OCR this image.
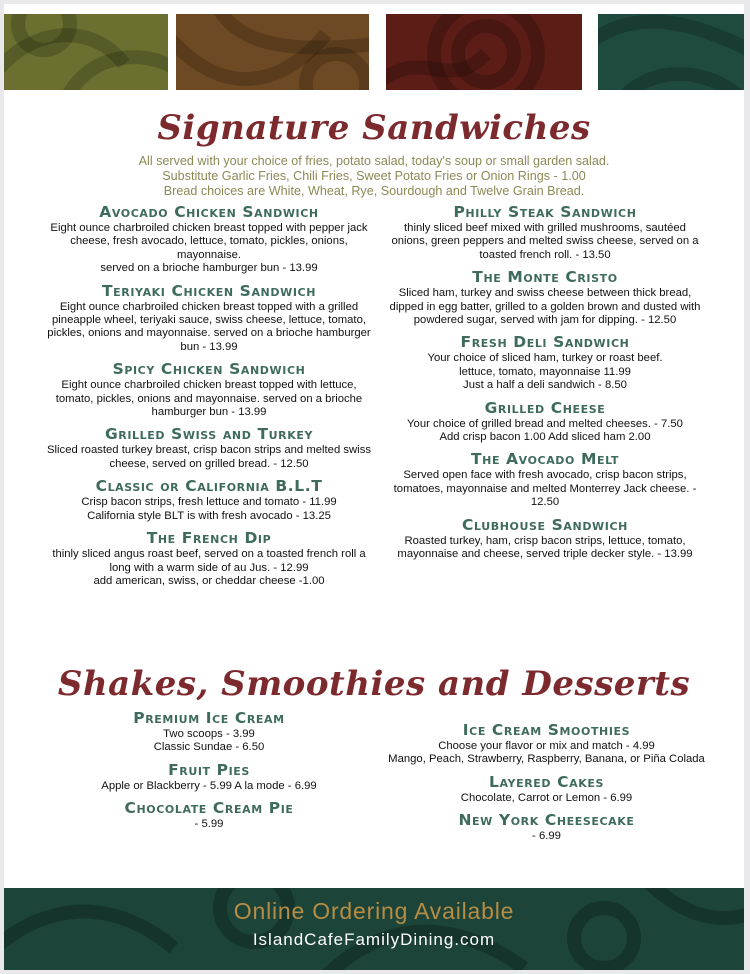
Signature Sandwiches
All served with your choice of fries, potato salad, today's soup or small garden salad.
Substitute Garlic Fries, Chili Fries, Sweet Potato Fries or Onion Rings - 1.00
Bread choices are White, Wheat, Rye, Sourdough and Twelve Grain Bread.
Avocado Chicken Sandwich
Eight ounce charbroiled chicken breast topped with pepper jack cheese, fresh avocado, lettuce, tomato, pickles, onions, mayonnaise.
served on a brioche hamburger bun - 13.99
Teriyaki Chicken Sandwich
Eight ounce charbroiled chicken breast topped with a grilled pineapple wheel, teriyaki sauce, swiss cheese, lettuce, tomato, pickles, onions and mayonnaise. served on a brioche hamburger bun - 13.99
Spicy Chicken Sandwich
Eight ounce charbroiled chicken breast topped with lettuce, tomato, pickles, onions and mayonnaise. served on a brioche hamburger bun - 13.99
Grilled Swiss and Turkey
Sliced roasted turkey breast, crisp bacon strips and melted swiss cheese, served on grilled bread. - 12.50
Classic or California B.L.T
Crisp bacon strips, fresh lettuce and tomato - 11.99
California style BLT is with fresh avocado - 13.25
The French Dip
thinly sliced angus roast beef, served on a toasted french roll a long with a warm side of au Jus. - 12.99
add american, swiss, or cheddar cheese -1.00
Philly Steak Sandwich
thinly sliced beef mixed with grilled mushrooms, sautéed onions, green peppers and melted swiss cheese, served on a toasted french roll. - 13.50
The Monte Cristo
Sliced ham, turkey and swiss cheese between thick bread, dipped in egg batter, grilled to a golden brown and dusted with powdered sugar, served with jam for dipping. - 12.50
Fresh Deli Sandwich
Your choice of sliced ham, turkey or roast beef.
lettuce, tomato, mayonnaise 11.99
Just a half a deli sandwich - 8.50
Grilled Cheese
Your choice of grilled bread and melted cheeses. - 7.50
Add crisp bacon 1.00 Add sliced ham 2.00
The Avocado Melt
Served open face with fresh avocado, crisp bacon strips, tomatoes, mayonnaise and melted Monterrey Jack cheese. - 12.50
Clubhouse Sandwich
Roasted turkey, ham, crisp bacon strips, lettuce, tomato, mayonnaise and cheese, served triple decker style. - 13.99
Shakes, Smoothies and Desserts
Premium Ice Cream
Two scoops - 3.99
Classic Sundae - 6.50
Fruit Pies
Apple or Blackberry - 5.99 A la mode - 6.99
Chocolate Cream Pie
- 5.99
Ice Cream Smoothies
Choose your flavor or mix and match - 4.99
Mango, Peach, Strawberry, Raspberry, Banana, or Piña Colada
Layered Cakes
Chocolate, Carrot or Lemon - 6.99
New York Cheesecake
- 6.99
Online Ordering Available
IslandCafeFamilyDining.com
